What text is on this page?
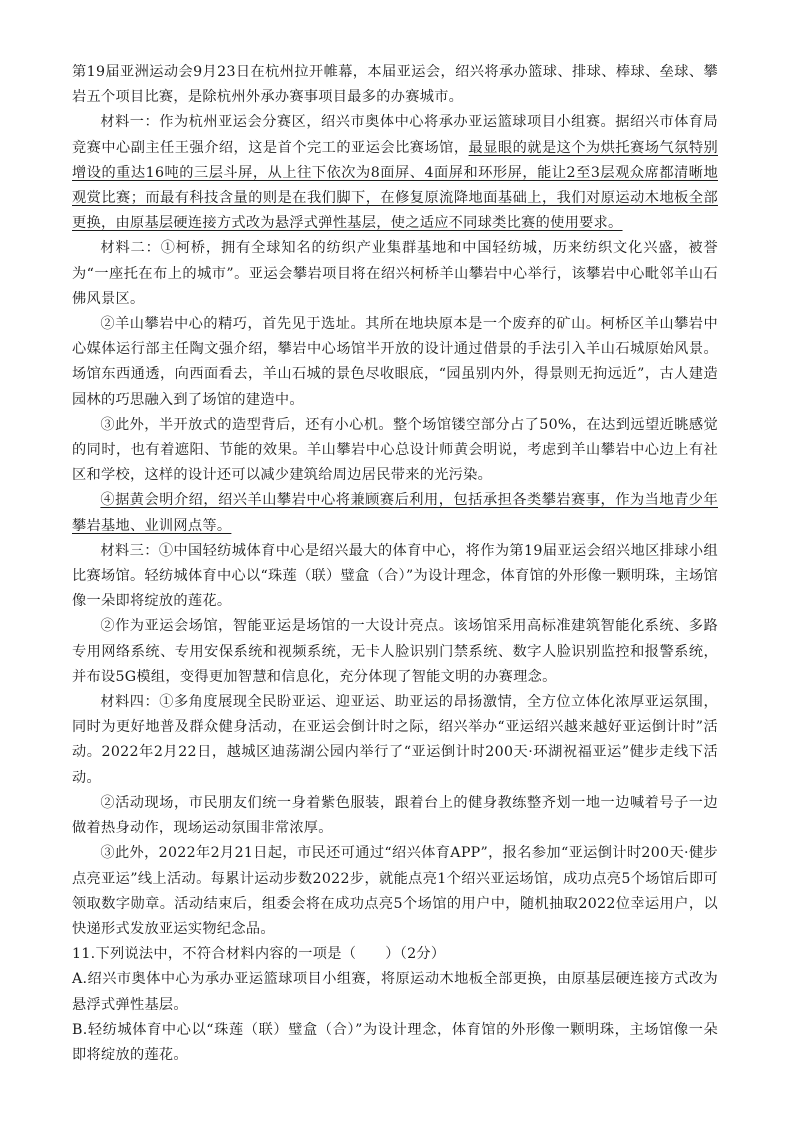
第19届亚洲运动会9月23日在杭州拉开帷幕，本届亚运会，绍兴将承办篮球、排球、棒球、垒球、攀岩五个项目比赛，是除杭州外承办赛事项目最多的办赛城市。

材料一：作为杭州亚运会分赛区，绍兴市奥体中心将承办亚运篮球项目小组赛。据绍兴市体育局竞赛中心副主任王强介绍，这是首个完工的亚运会比赛场馆，最显眼的就是这个为烘托赛场气氛特别增设的重达16吨的三层斗屏，从上往下依次为8面屏、4面屏和环形屏，能让2至3层观众席都清晰地观赏比赛；而最有科技含量的则是在我们脚下，在修复原流降地面基础上，我们对原运动木地板全部更换，由原基层硬连接方式改为悬浮式弹性基层，使之适应不同球类比赛的使用要求。

材料二：①柯桥，拥有全球知名的纺织产业集群基地和中国轻纺城，历来纺织文化兴盛，被誉为“一座托在布上的城市”。亚运会攀岩项目将在绍兴柯桥羊山攀岩中心举行，该攀岩中心毗邻羊山石佛风景区。

②羊山攀岩中心的精巧，首先见于选址。其所在地块原本是一个废弃的矿山。柯桥区羊山攀岩中心媒体运行部主任陶文强介绍，攀岩中心场馆半开放的设计通过借景的手法引入羊山石城原始风景。场馆东西通透，向西面看去，羊山石城的景色尽收眼底，“园虽别内外，得景则无拘远近”，古人建造园林的巧思融入到了场馆的建造中。

③此外，半开放式的造型背后，还有小心机。整个场馆镂空部分占了50%，在达到远望近眺感觉的同时，也有着遮阳、节能的效果。羊山攀岩中心总设计师黄会明说，考虑到羊山攀岩中心边上有社区和学校，这样的设计还可以减少建筑给周边居民带来的光污染。

④据黄会明介绍，绍兴羊山攀岩中心将兼顾赛后利用，包括承担各类攀岩赛事，作为当地青少年攀岩基地、业训网点等。

材料三：①中国轻纺城体育中心是绍兴最大的体育中心，将作为第19届亚运会绍兴地区排球小组比赛场馆。轻纺城体育中心以“珠莲（联）璧盒（合）”为设计理念，体育馆的外形像一颗明珠，主场馆像一朵即将绽放的莲花。

②作为亚运会场馆，智能亚运是场馆的一大设计亮点。该场馆采用高标准建筑智能化系统、多路专用网络系统、专用安保系统和视频系统，无卡人脸识别门禁系统、数字人脸识别监控和报警系统，并布设5G模组，变得更加智慧和信息化，充分体现了智能文明的办赛理念。

材料四：①多角度展现全民盼亚运、迎亚运、助亚运的昂扬激情，全方位立体化浓厚亚运氛围，同时为更好地普及群众健身活动，在亚运会倒计时之际，绍兴举办“亚运绍兴越来越好亚运倒计时”活动。2022年2月22日，越城区迪荡湖公园内举行了“亚运倒计时200天·环湖祝福亚运”健步走线下活动。

②活动现场，市民朋友们统一身着紫色服装，跟着台上的健身教练整齐划一地一边喊着号子一边做着热身动作，现场运动氛围非常浓厚。

③此外，2022年2月21日起，市民还可通过“绍兴体育APP”，报名参加“亚运倒计时200天·健步点亮亚运”线上活动。每累计运动步数2022步，就能点亮1个绍兴亚运场馆，成功点亮5个场馆后即可领取数字勋章。活动结束后，组委会将在成功点亮5个场馆的用户中，随机抽取2022位幸运用户，以快递形式发放亚运实物纪念品。

11.下列说法中，不符合材料内容的一项是（　　）（2分）

A.绍兴市奥体中心为承办亚运篮球项目小组赛，将原运动木地板全部更换，由原基层硬连接方式改为悬浮式弹性基层。

B.轻纺城体育中心以“珠莲（联）璧盒（合）”为设计理念，体育馆的外形像一颗明珠，主场馆像一朵即将绽放的莲花。
